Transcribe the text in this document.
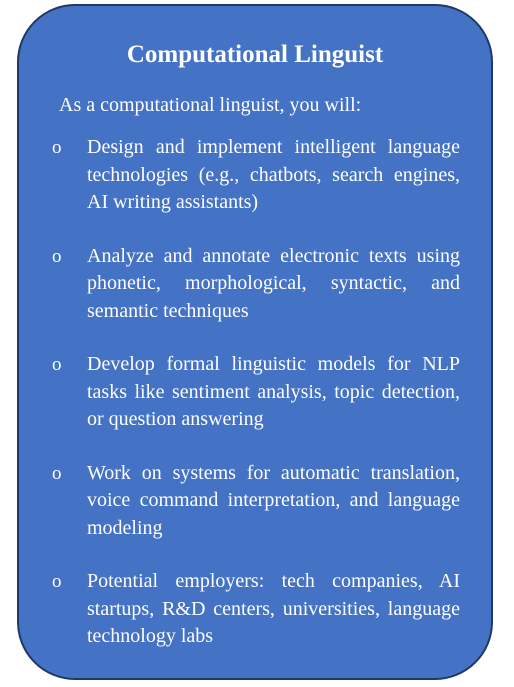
Computational Linguist
As a computational linguist, you will:
o Design and implement intelligent language technologies (e.g., chatbots, search engines, AI writing assistants)
o Analyze and annotate electronic texts using phonetic, morphological, syntactic, and semantic techniques
o Develop formal linguistic models for NLP tasks like sentiment analysis, topic detection, or question answering
o Work on systems for automatic translation, voice command interpretation, and language modeling
o Potential employers: tech companies, AI startups, R&D centers, universities, language technology labs
